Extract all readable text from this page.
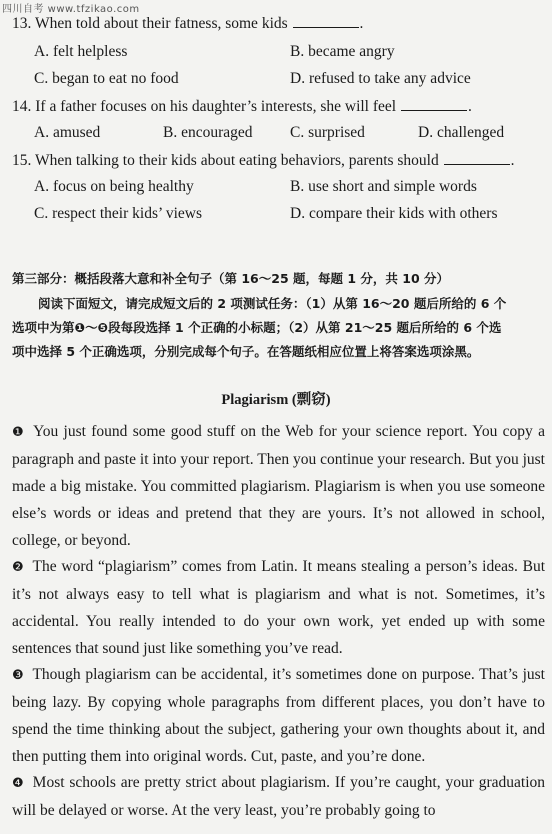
四川自考 www.tfzikao.com
13. When told about their fatness, some kids	.
A. felt helpless	B. became angry
C. began to eat no food	D. refused to take any advice
14. If a father focuses on his daughter’s interests, she will feel	.
A. amused	B. encouraged C. surprised	D. challenged
15. When talking to their kids about eating behaviors, parents should	.
A. focus on being healthy	B. use short and simple words
C. respect their kids’ views	D. compare their kids with others
第三部分：概括段落大意和补全句子（第 16～25 题，每题 1 分，共 10 分）
阅读下面短文，请完成短文后的 2 项测试任务：（1）从第 16～20 题后所给的 6 个
选项中为第❶～❺段每段选择 1 个正确的小标题；（2）从第 21～25 题后所给的 6 个选
项中选择 5 个正确选项，分别完成每个句子。在答题纸相应位置上将答案选项涂黑。
Plagiarism (剽窃)
❶ You just found some good stuff on the Web for your science report. You copy a paragraph and paste it into your report. Then you continue your research. But you just made a big mistake. You committed plagiarism. Plagiarism is when you use someone else’s words or ideas and pretend that they are yours. It’s not allowed in school, college, or beyond.
❷ The word “plagiarism” comes from Latin. It means stealing a person’s ideas. But it’s not always easy to tell what is plagiarism and what is not. Sometimes, it’s accidental. You really intended to do your own work, yet ended up with some sentences that sound just like something you’ve read.
❸ Though plagiarism can be accidental, it’s sometimes done on purpose. That’s just being lazy. By copying whole paragraphs from different places, you don’t have to spend the time thinking about the subject, gathering your own thoughts about it, and then putting them into original words. Cut, paste, and you’re done.
❹ Most schools are pretty strict about plagiarism. If you’re caught, your graduation will be delayed or worse. At the very least, you’re probably going to
